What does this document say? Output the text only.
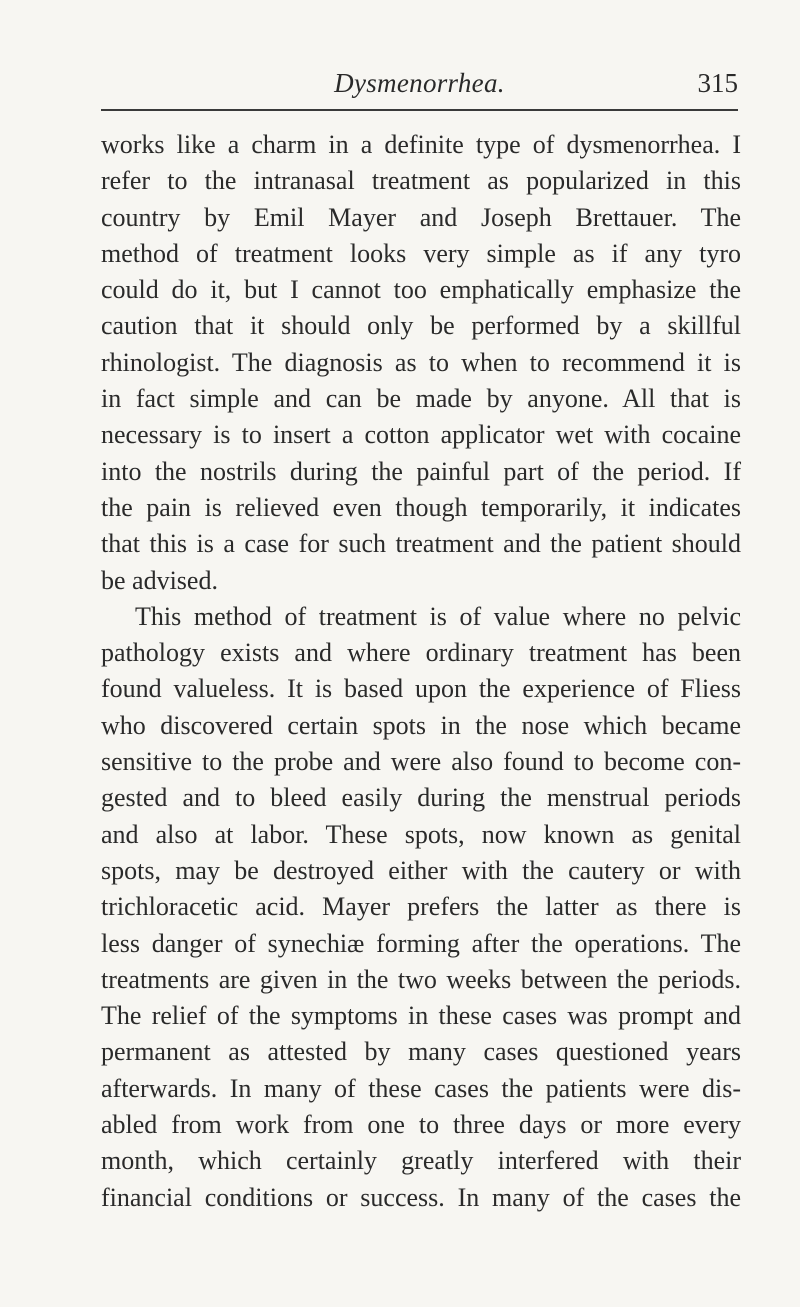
Dysmenorrhea.	315
works like a charm in a definite type of dysmenorrhea. I
refer to the intranasal treatment as popularized in this
country by Emil Mayer and Joseph Brettauer. The
method of treatment looks very simple as if any tyro
could do it, but I cannot too emphatically emphasize the
caution that it should only be performed by a skillful
rhinologist. The diagnosis as to when to recommend it is
in fact simple and can be made by anyone. All that is
necessary is to insert a cotton applicator wet with cocaine
into the nostrils during the painful part of the period. If
the pain is relieved even though temporarily, it indicates
that this is a case for such treatment and the patient should
be advised.
This method of treatment is of value where no pelvic
pathology exists and where ordinary treatment has been
found valueless. It is based upon the experience of Fliess
who discovered certain spots in the nose which became
sensitive to the probe and were also found to become con-
gested and to bleed easily during the menstrual periods
and also at labor. These spots, now known as genital
spots, may be destroyed either with the cautery or with
trichloracetic acid. Mayer prefers the latter as there is
less danger of synechiæ forming after the operations. The
treatments are given in the two weeks between the periods.
The relief of the symptoms in these cases was prompt and
permanent as attested by many cases questioned years
afterwards. In many of these cases the patients were dis-
abled from work from one to three days or more every
month, which certainly greatly interfered with their
financial conditions or success. In many of the cases the
